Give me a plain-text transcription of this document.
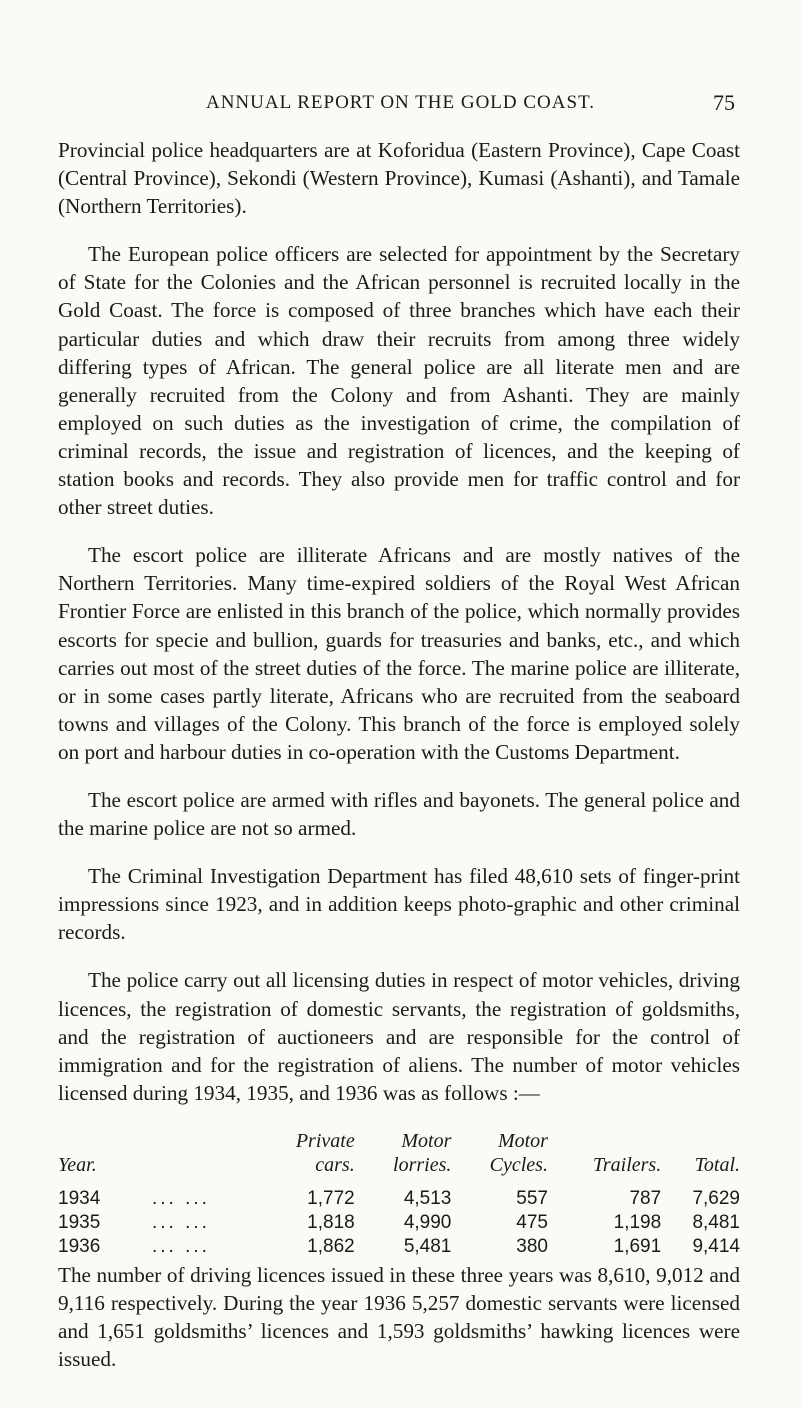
ANNUAL REPORT ON THE GOLD COAST.	75

Provincial police headquarters are at Koforidua (Eastern Province), Cape Coast (Central Province), Sekondi (Western Province), Kumasi (Ashanti), and Tamale (Northern Territories).

The European police officers are selected for appointment by the Secretary of State for the Colonies and the African personnel is recruited locally in the Gold Coast. The force is composed of three branches which have each their particular duties and which draw their recruits from among three widely differing types of African. The general police are all literate men and are generally recruited from the Colony and from Ashanti. They are mainly employed on such duties as the investigation of crime, the compilation of criminal records, the issue and registration of licences, and the keeping of station books and records. They also provide men for traffic control and for other street duties.

The escort police are illiterate Africans and are mostly natives of the Northern Territories. Many time-expired soldiers of the Royal West African Frontier Force are enlisted in this branch of the police, which normally provides escorts for specie and bullion, guards for treasuries and banks, etc., and which carries out most of the street duties of the force. The marine police are illiterate, or in some cases partly literate, Africans who are recruited from the seaboard towns and villages of the Colony. This branch of the force is employed solely on port and harbour duties in co-operation with the Customs Department.

The escort police are armed with rifles and bayonets. The general police and the marine police are not so armed.

The Criminal Investigation Department has filed 48,610 sets of finger-print impressions since 1923, and in addition keeps photo-graphic and other criminal records.

The police carry out all licensing duties in respect of motor vehicles, driving licences, the registration of domestic servants, the registration of goldsmiths, and the registration of auctioneers and are responsible for the control of immigration and for the registration of aliens. The number of motor vehicles licensed during 1934, 1935, and 1936 was as follows :—

		Private	Motor	Motor		
Year.		cars.	lorries.	Cycles.	Trailers.	Total.

1934	... ...	1,772	4,513	557	787	7,629
1935	... ...	1,818	4,990	475	1,198	8,481
1936	... ...	1,862	5,481	380	1,691	9,414

The number of driving licences issued in these three years was 8,610, 9,012 and 9,116 respectively. During the year 1936 5,257 domestic servants were licensed and 1,651 goldsmiths’ licences and 1,593 goldsmiths’ hawking licences were issued.
